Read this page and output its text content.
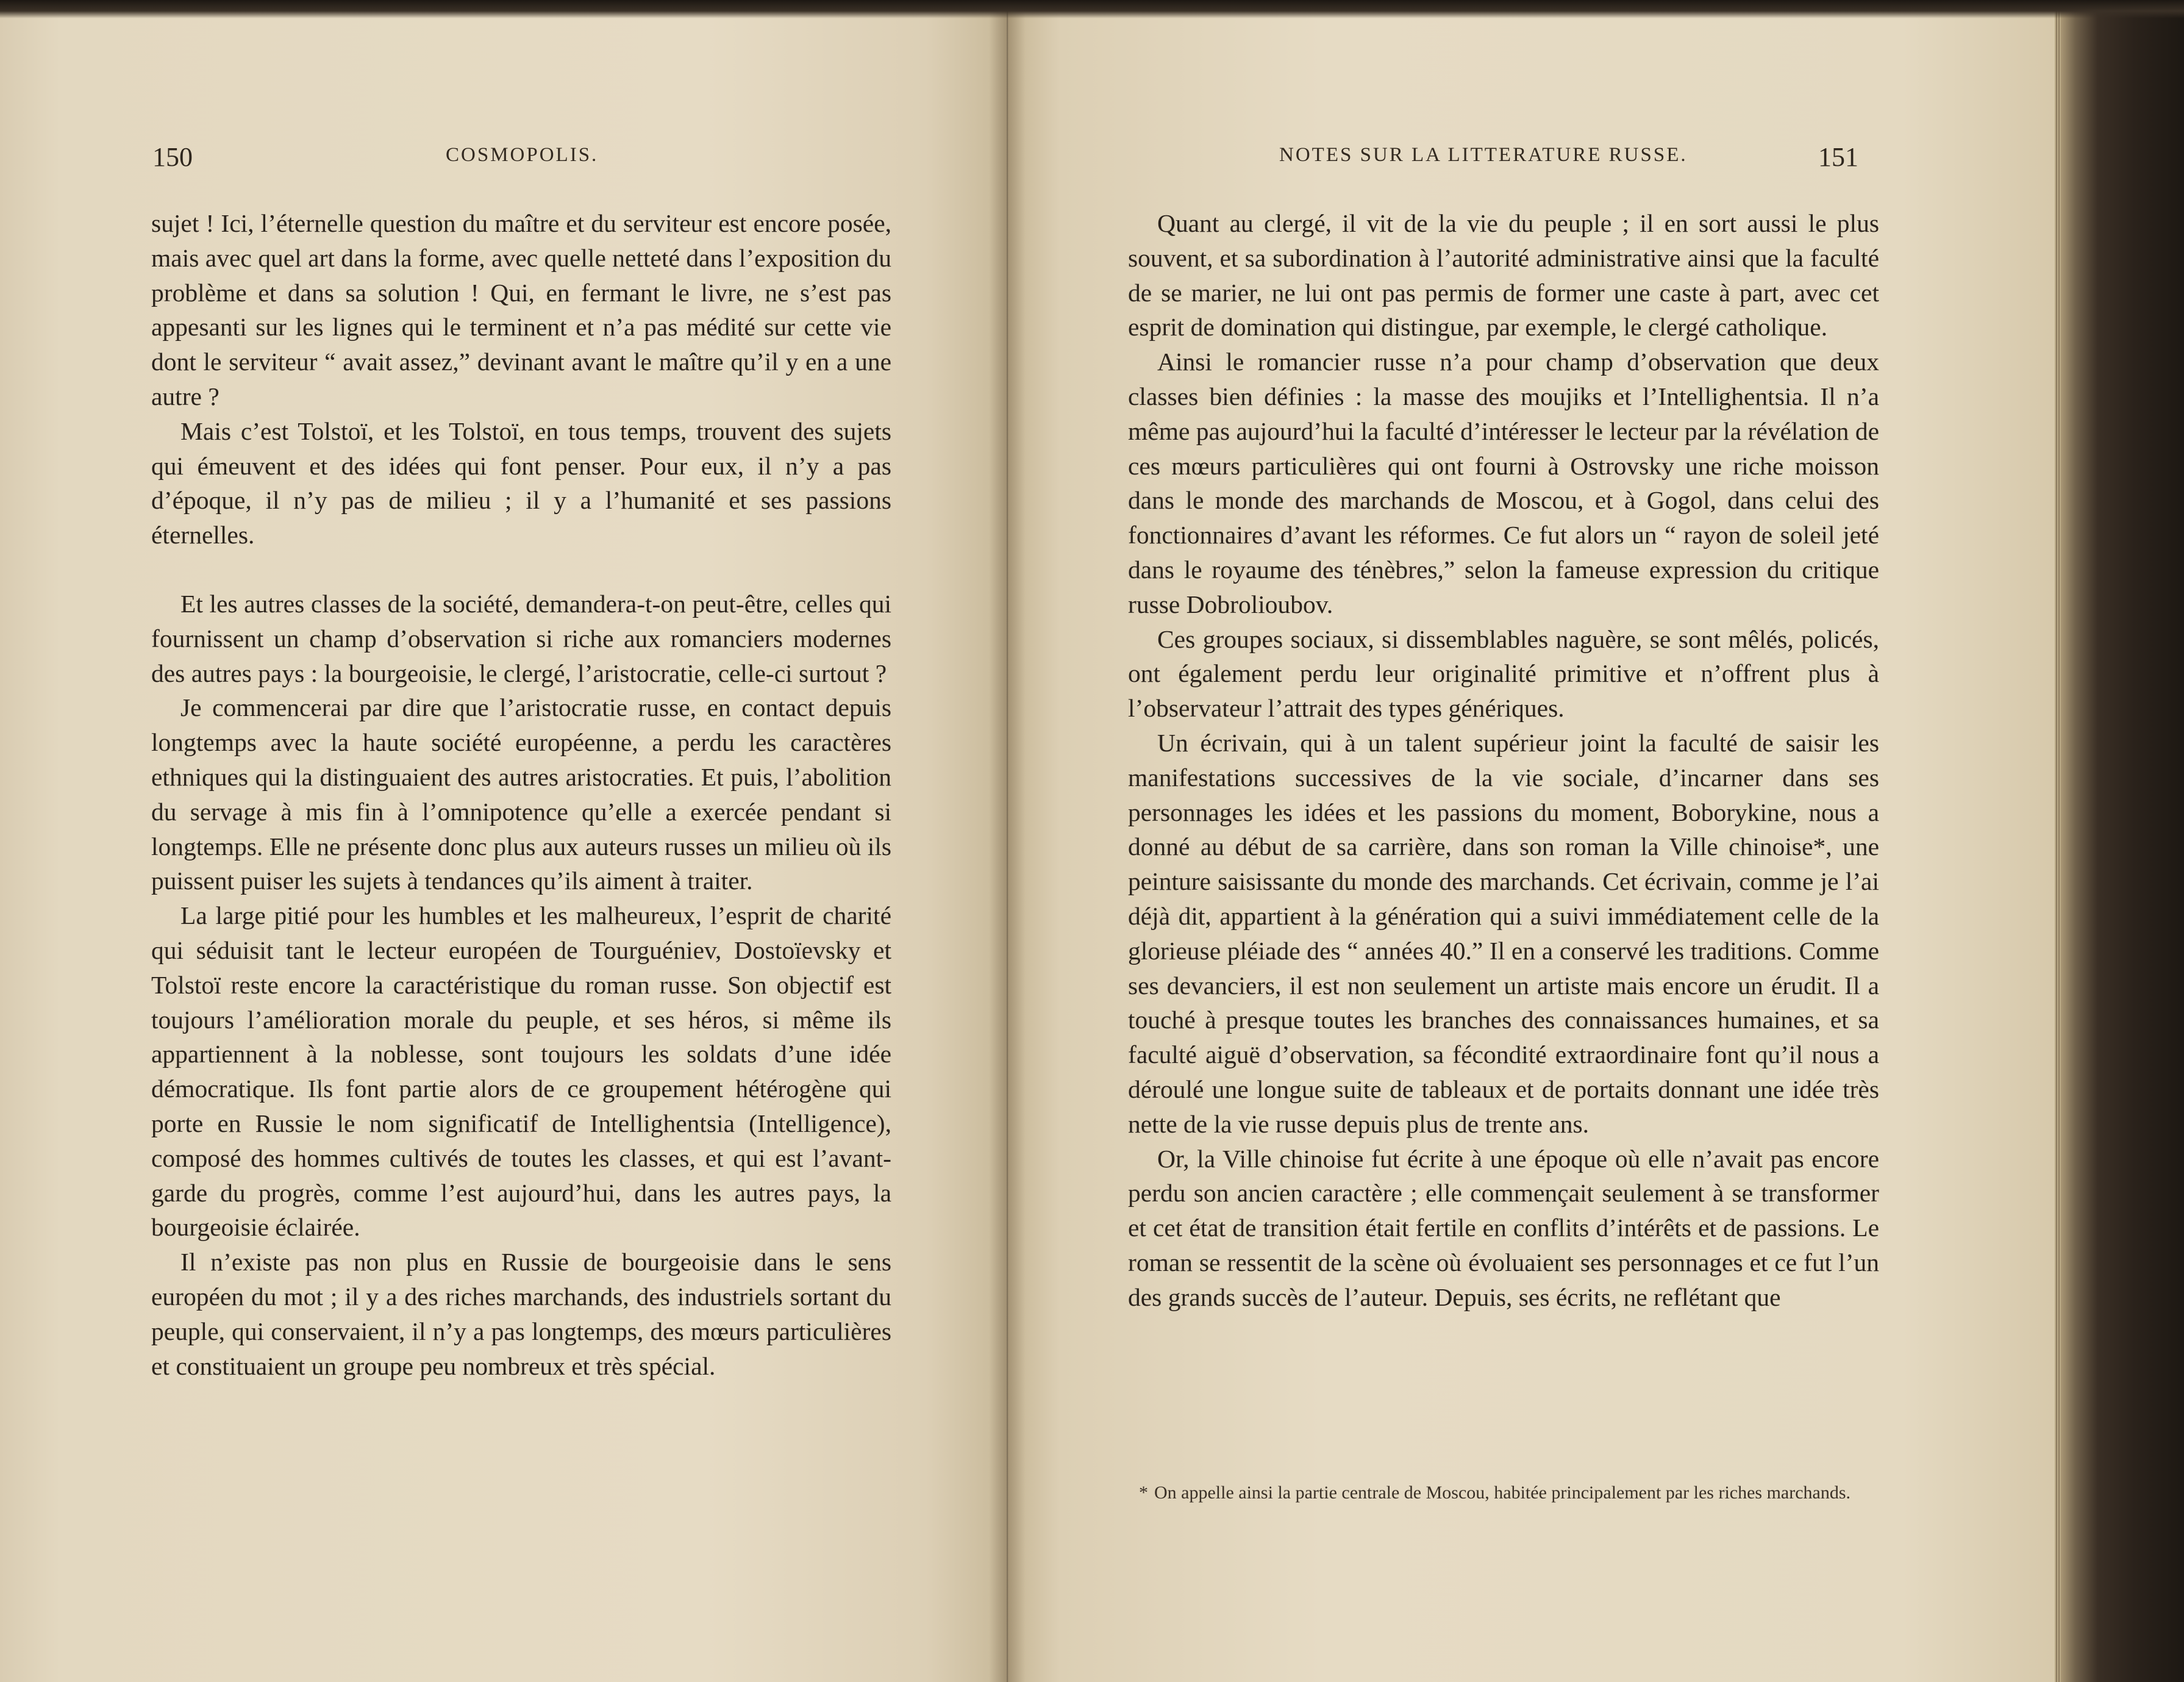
150	COSMOPOLIS.

sujet ! Ici, l’éternelle question du maître et du serviteur est encore posée, mais avec quel art dans la forme, avec quelle netteté dans l’exposition du problème et dans sa solution ! Qui, en fermant le livre, ne s’est pas appesanti sur les lignes qui le terminent et n’a pas médité sur cette vie dont le serviteur “ avait assez,” devinant avant le maître qu’il y en a une autre ?

Mais c’est Tolstoï, et les Tolstoï, en tous temps, trouvent des sujets qui émeuvent et des idées qui font penser. Pour eux, il n’y a pas d’époque, il n’y pas de milieu ; il y a l’humanité et ses passions éternelles.

Et les autres classes de la société, demandera-t-on peut-être, celles qui fournissent un champ d’observation si riche aux romanciers modernes des autres pays : la bourgeoisie, le clergé, l’aristocratie, celle-ci surtout ?

Je commencerai par dire que l’aristocratie russe, en contact depuis longtemps avec la haute société européenne, a perdu les caractères ethniques qui la distinguaient des autres aristocraties. Et puis, l’abolition du servage à mis fin à l’omnipotence qu’elle a exercée pendant si longtemps. Elle ne présente donc plus aux auteurs russes un milieu où ils puissent puiser les sujets à tendances qu’ils aiment à traiter.

La large pitié pour les humbles et les malheureux, l’esprit de charité qui séduisit tant le lecteur européen de Tourguéniev, Dostoïevsky et Tolstoï reste encore la caractéristique du roman russe. Son objectif est toujours l’amélioration morale du peuple, et ses héros, si même ils appartiennent à la noblesse, sont toujours les soldats d’une idée démocratique. Ils font partie alors de ce groupement hétérogène qui porte en Russie le nom significatif de Intellighentsia (Intelligence), composé des hommes cultivés de toutes les classes, et qui est l’avant-garde du progrès, comme l’est aujourd’hui, dans les autres pays, la bourgeoisie éclairée.

Il n’existe pas non plus en Russie de bourgeoisie dans le sens européen du mot ; il y a des riches marchands, des industriels sortant du peuple, qui conservaient, il n’y a pas longtemps, des mœurs particulières et constituaient un groupe peu nombreux et très spécial.

NOTES SUR LA LITTERATURE RUSSE.	151

Quant au clergé, il vit de la vie du peuple ; il en sort aussi le plus souvent, et sa subordination à l’autorité administrative ainsi que la faculté de se marier, ne lui ont pas permis de former une caste à part, avec cet esprit de domination qui distingue, par exemple, le clergé catholique.

Ainsi le romancier russe n’a pour champ d’observation que deux classes bien définies : la masse des moujiks et l’Intellighentsia. Il n’a même pas aujourd’hui la faculté d’intéresser le lecteur par la révélation de ces mœurs particulières qui ont fourni à Ostrovsky une riche moisson dans le monde des marchands de Moscou, et à Gogol, dans celui des fonctionnaires d’avant les réformes. Ce fut alors un “ rayon de soleil jeté dans le royaume des ténèbres,” selon la fameuse expression du critique russe Dobrolioubov.

Ces groupes sociaux, si dissemblables naguère, se sont mêlés, policés, ont également perdu leur originalité primitive et n’offrent plus à l’observateur l’attrait des types génériques.

Un écrivain, qui à un talent supérieur joint la faculté de saisir les manifestations successives de la vie sociale, d’incarner dans ses personnages les idées et les passions du moment, Boborykine, nous a donné au début de sa carrière, dans son roman la Ville chinoise*, une peinture saisissante du monde des marchands. Cet écrivain, comme je l’ai déjà dit, appartient à la génération qui a suivi immédiatement celle de la glorieuse pléiade des “ années 40.” Il en a conservé les traditions. Comme ses devanciers, il est non seulement un artiste mais encore un érudit. Il a touché à presque toutes les branches des connaissances humaines, et sa faculté aiguë d’observation, sa fécondité extraordinaire font qu’il nous a déroulé une longue suite de tableaux et de portaits donnant une idée très nette de la vie russe depuis plus de trente ans.

Or, la Ville chinoise fut écrite à une époque où elle n’avait pas encore perdu son ancien caractère ; elle commençait seulement à se transformer et cet état de transition était fertile en conflits d’intérêts et de passions. Le roman se ressentit de la scène où évoluaient ses personnages et ce fut l’un des grands succès de l’auteur. Depuis, ses écrits, ne reflétant que

* On appelle ainsi la partie centrale de Moscou, habitée principalement par les riches marchands.
